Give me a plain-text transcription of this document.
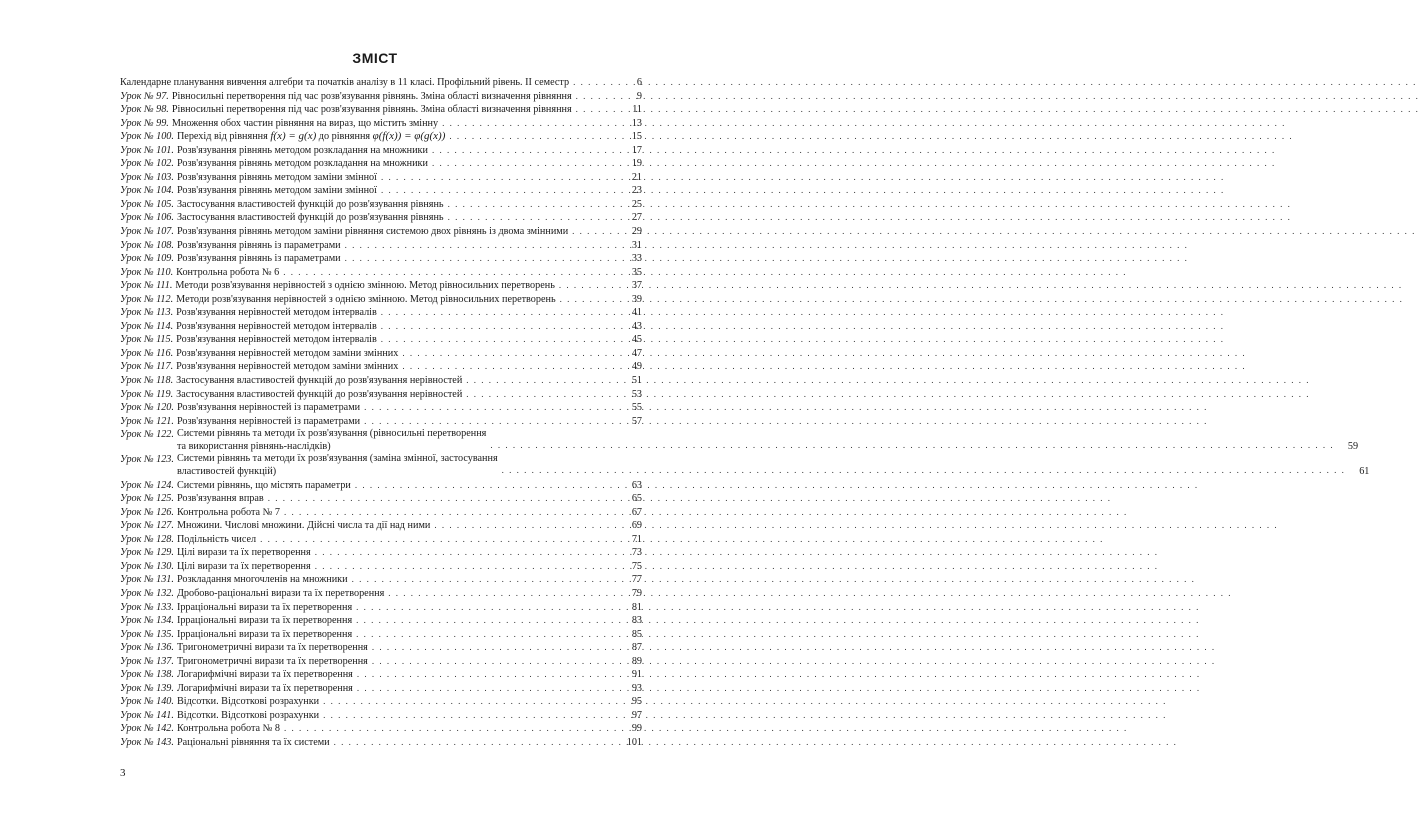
ЗМІСТ
Календарне планування вивчення алгебри та початків аналізу в 11 класі. Профільний рівень. II семестр . . .	6
Урок № 97. Рівносильні перетворення під час розв'язування рівнянь. Зміна області визначення рівняння . . .	9
Урок № 98. Рівносильні перетворення під час розв'язування рівнянь. Зміна області визначення рівняння . . .	11
Урок № 99. Множення обох частин рівняння на вираз, що містить змінну . . .	13
Урок № 100. Перехід від рівняння f(x) = g(x) до рівняння φ(f(x)) = φ(g(x)) . . .	15
Урок № 101. Розв'язування рівнянь методом розкладання на множники . . .	17
Урок № 102. Розв'язування рівнянь методом розкладання на множники . . .	19
Урок № 103. Розв'язування рівнянь методом заміни змінної . . .	21
Урок № 104. Розв'язування рівнянь методом заміни змінної . . .	23
Урок № 105. Застосування властивостей функцій до розв'язування рівнянь . . .	25
Урок № 106. Застосування властивостей функцій до розв'язування рівнянь . . .	27
Урок № 107. Розв'язування рівнянь методом заміни рівняння системою двох рівнянь із двома змінними . . .	29
Урок № 108. Розв'язування рівнянь із параметрами . . .	31
Урок № 109. Розв'язування рівнянь із параметрами . . .	33
Урок № 110. Контрольна робота № 6 . . .	35
Урок № 111. Методи розв'язування нерівностей з однією змінною. Метод рівносильних перетворень . . .	37
Урок № 112. Методи розв'язування нерівностей з однією змінною. Метод рівносильних перетворень . . .	39
Урок № 113. Розв'язування нерівностей методом інтервалів . . .	41
Урок № 114. Розв'язування нерівностей методом інтервалів . . .	43
Урок № 115. Розв'язування нерівностей методом інтервалів . . .	45
Урок № 116. Розв'язування нерівностей методом заміни змінних . . .	47
Урок № 117. Розв'язування нерівностей методом заміни змінних . . .	49
Урок № 118. Застосування властивостей функцій до розв'язування нерівностей . . .	51
Урок № 119. Застосування властивостей функцій до розв'язування нерівностей . . .	53
Урок № 120. Розв'язування нерівностей із параметрами . . .	55
Урок № 121. Розв'язування нерівностей із параметрами . . .	57
Урок № 122. Системи рівнянь та методи їх розв'язування (рівносильні перетворення
та використання рівнянь-наслідків) . . .	59
Урок № 123. Системи рівнянь та методи їх розв'язування (заміна змінної, застосування
властивостей функцій) . . .	61
Урок № 124. Системи рівнянь, що містять параметри . . .	63
Урок № 125. Розв'язування вправ . . .	65
Урок № 126. Контрольна робота № 7 . . .	67
Урок № 127. Множини. Числові множини. Дійсні числа та дії над ними . . .	69
Урок № 128. Подільність чисел . . .	71
Урок № 129. Цілі вирази та їх перетворення . . .	73
Урок № 130. Цілі вирази та їх перетворення . . .	75
Урок № 131. Розкладання многочленів на множники . . .	77
Урок № 132. Дробово-раціональні вирази та їх перетворення . . .	79
Урок № 133. Ірраціональні вирази та їх перетворення . . .	81
Урок № 134. Ірраціональні вирази та їх перетворення . . .	83
Урок № 135. Ірраціональні вирази та їх перетворення . . .	85
Урок № 136. Тригонометричні вирази та їх перетворення . . .	87
Урок № 137. Тригонометричні вирази та їх перетворення . . .	89
Урок № 138. Логарифмічні вирази та їх перетворення . . .	91
Урок № 139. Логарифмічні вирази та їх перетворення . . .	93
Урок № 140. Відсотки. Відсоткові розрахунки . . .	95
Урок № 141. Відсотки. Відсоткові розрахунки . . .	97
Урок № 142. Контрольна робота № 8 . . .	99
Урок № 143. Раціональні рівняння та їх системи . . .	101
3
